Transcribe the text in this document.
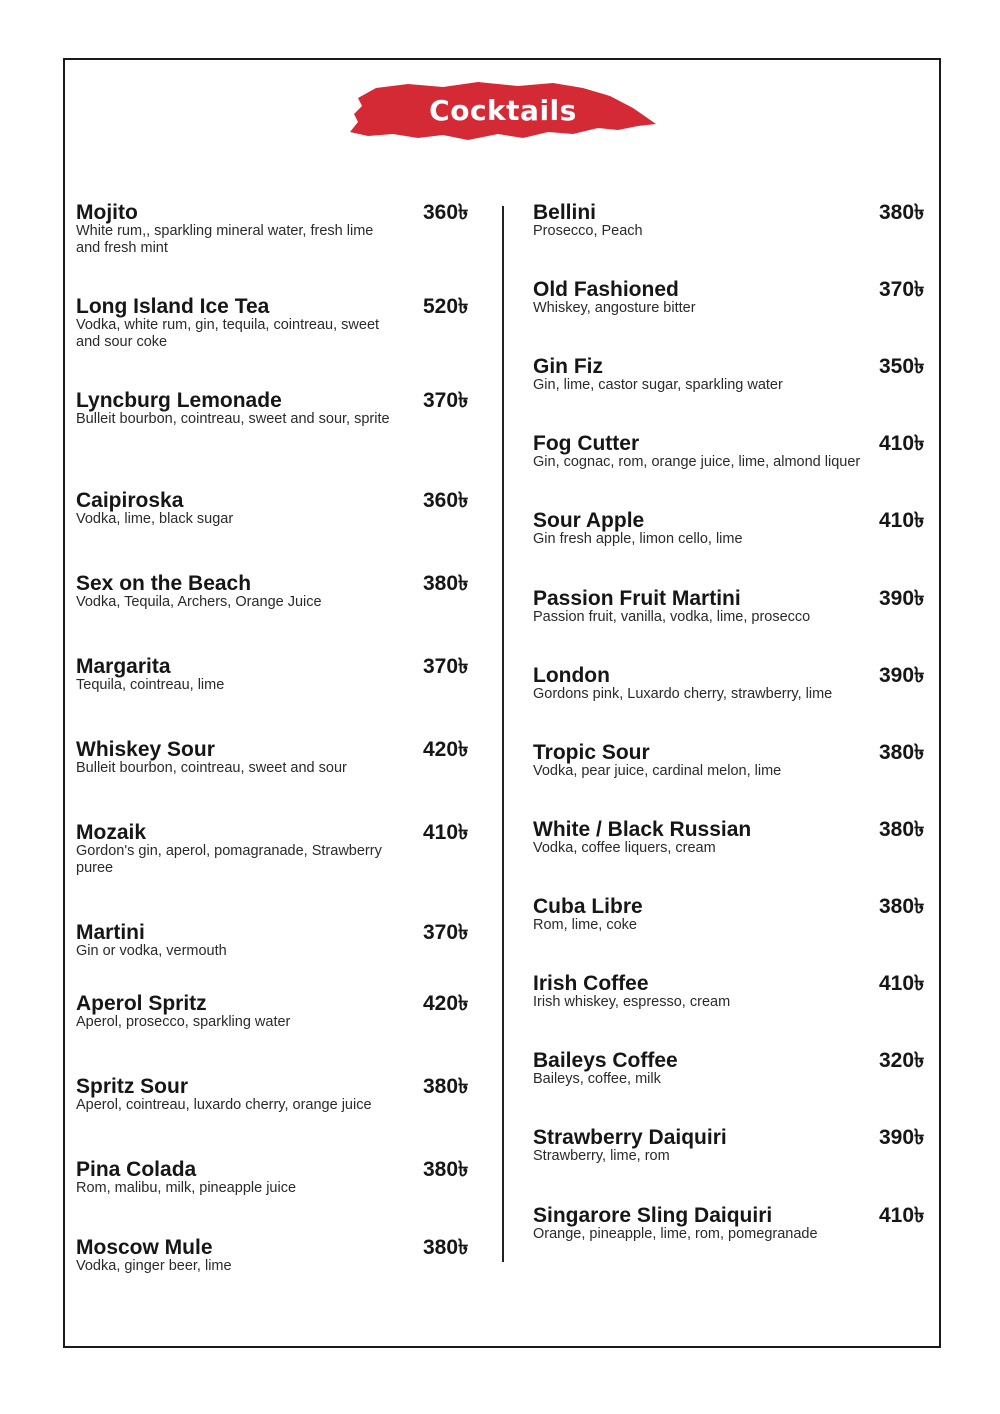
Cocktails
Mojito
White rum,, sparkling mineral water, fresh lime and fresh mint
360৳
Long Island Ice Tea
Vodka, white rum, gin, tequila, cointreau, sweet and sour coke
520৳
Lyncburg Lemonade
Bulleit bourbon, cointreau, sweet and sour, sprite
370৳
Caipiroska
Vodka, lime, black sugar
360৳
Sex on the Beach
Vodka, Tequila, Archers, Orange Juice
380৳
Margarita
Tequila, cointreau, lime
370৳
Whiskey Sour
Bulleit bourbon, cointreau, sweet and sour
420৳
Mozaik
Gordon's gin, aperol, pomagranade, Strawberry puree
410৳
Martini
Gin or vodka, vermouth
370৳
Aperol Spritz
Aperol, prosecco, sparkling water
420৳
Spritz Sour
Aperol, cointreau, luxardo cherry, orange juice
380৳
Pina Colada
Rom, malibu, milk, pineapple juice
380৳
Moscow Mule
Vodka, ginger beer, lime
380৳
Bellini
Prosecco, Peach
380৳
Old Fashioned
Whiskey, angosture bitter
370৳
Gin Fiz
Gin, lime, castor sugar, sparkling water
350৳
Fog Cutter
Gin, cognac, rom, orange juice, lime, almond liquer
410৳
Sour Apple
Gin fresh apple, limon cello, lime
410৳
Passion Fruit Martini
Passion fruit, vanilla, vodka, lime, prosecco
390৳
London
Gordons pink, Luxardo cherry, strawberry, lime
390৳
Tropic Sour
Vodka, pear juice, cardinal melon, lime
380৳
White / Black Russian
Vodka, coffee liquers, cream
380৳
Cuba Libre
Rom, lime, coke
380৳
Irish Coffee
Irish whiskey, espresso, cream
410৳
Baileys Coffee
Baileys, coffee, milk
320৳
Strawberry Daiquiri
Strawberry, lime, rom
390৳
Singarore Sling Daiquiri
Orange, pineapple, lime, rom, pomegranade
410৳
